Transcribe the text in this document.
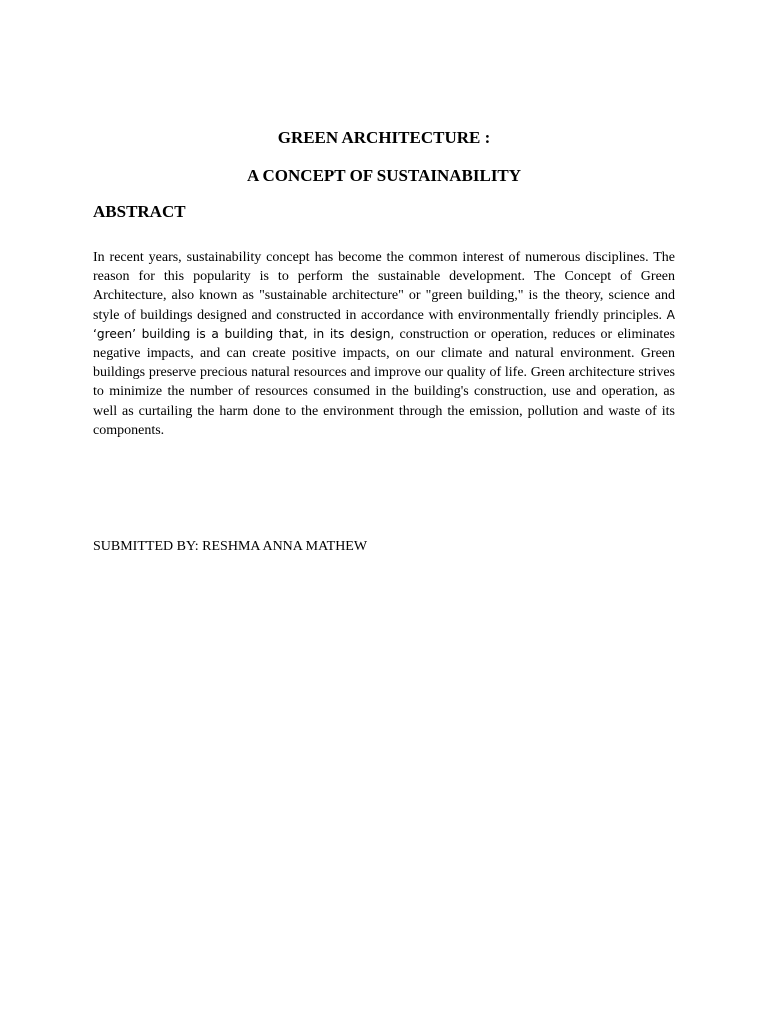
GREEN ARCHITECTURE :
A CONCEPT OF SUSTAINABILITY
ABSTRACT

In recent years, sustainability concept has become the common interest of numerous disciplines. The reason for this popularity is to perform the sustainable development. The Concept of Green Architecture, also known as "sustainable architecture" or "green building," is the theory, science and style of buildings designed and constructed in accordance with environmentally friendly principles. A ‘green’ building is a building that, in its design, construction or operation, reduces or eliminates negative impacts, and can create positive impacts, on our climate and natural environment. Green buildings preserve precious natural resources and improve our quality of life. Green architecture strives to minimize the number of resources consumed in the building's construction, use and operation, as well as curtailing the harm done to the environment through the emission, pollution and waste of its components.

SUBMITTED BY: RESHMA ANNA MATHEW
